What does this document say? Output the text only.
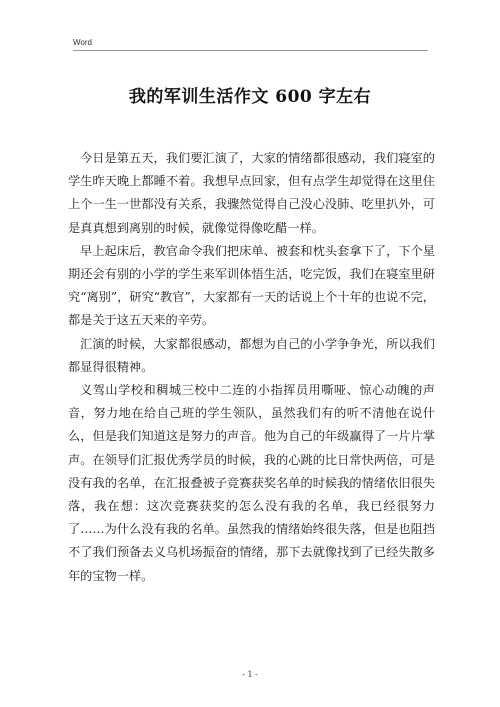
Word
我的军训生活作文 600 字左右

今日是第五天，我们要汇演了，大家的情绪都很感动，我们寝室的学生昨天晚上都睡不着。我想早点回家，但有点学生却觉得在这里住上个一生一世都没有关系，我骤然觉得自己没心没肺、吃里扒外，可是真真想到离别的时候，就像觉得像吃醋一样。

早上起床后，教官命令我们把床单、被套和枕头套拿下了，下个星期还会有别的小学的学生来军训体悟生活，吃完饭，我们在寝室里研究“离别”，研究“教官”，大家都有一天的话说上个十年的也说不完，都是关于这五天来的辛劳。

汇演的时候，大家都很感动，都想为自己的小学争争光，所以我们都显得很精神。

义驾山学校和稠城三校中二连的小指挥员用嘶哑、惊心动魄的声音，努力地在给自己班的学生领队，虽然我们有的听不清他在说什么，但是我们知道这是努力的声音。他为自己的年级赢得了一片片掌声。在领导们汇报优秀学员的时候，我的心跳的比日常快两倍，可是没有我的名单，在汇报叠被子竞赛获奖名单的时候我的情绪依旧很失落，我在想：这次竞赛获奖的怎么没有我的名单，我已经很努力了……为什么没有我的名单。虽然我的情绪始终很失落，但是也阻挡不了我们预备去义乌机场振奋的情绪，那下去就像找到了已经失散多年的宝物一样。

- 1 -
